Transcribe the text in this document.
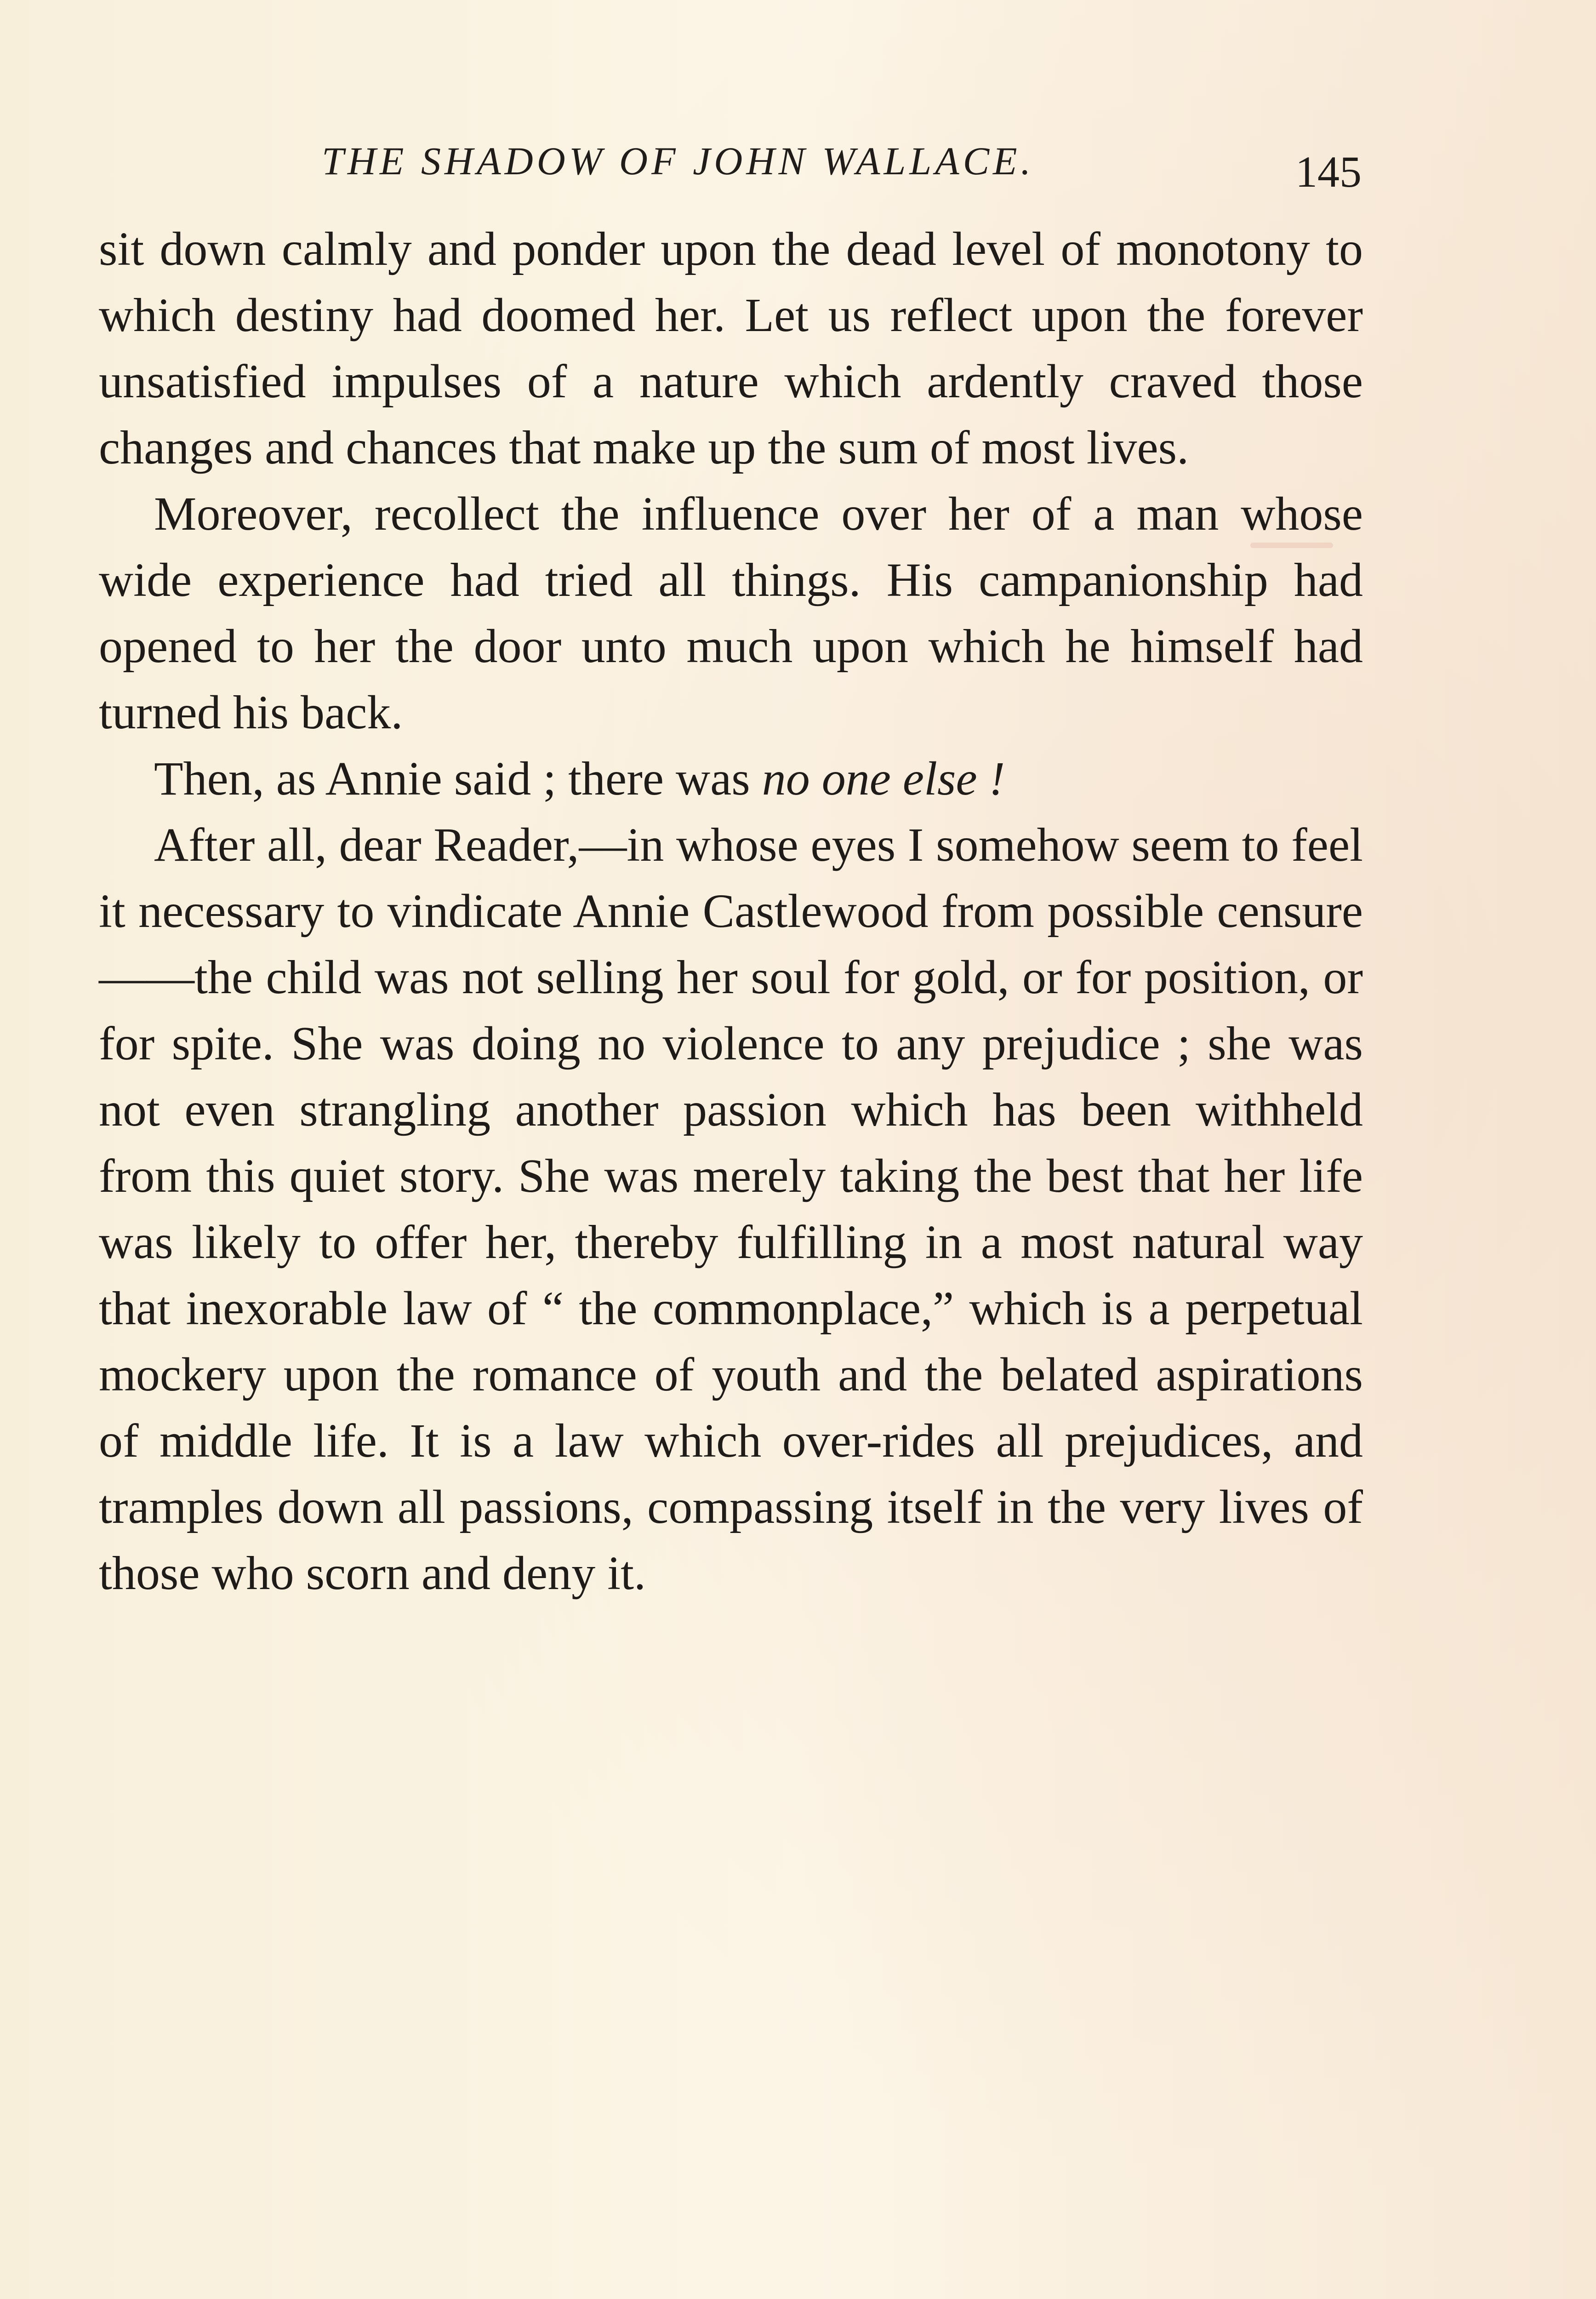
THE SHADOW OF JOHN WALLACE.	145

sit down calmly and ponder upon the dead level of monotony to which destiny had doomed her. Let us reflect upon the forever unsatisfied impulses of a nature which ardently craved those changes and chances that make up the sum of most lives.

Moreover, recollect the influence over her of a man whose wide experience had tried all things. His campanionship had opened to her the door unto much upon which he himself had turned his back.

Then, as Annie said ; there was no one else !

After all, dear Reader,—in whose eyes I somehow seem to feel it necessary to vindicate Annie Castlewood from possible censure——the child was not selling her soul for gold, or for position, or for spite. She was doing no violence to any prejudice ; she was not even strangling another passion which has been withheld from this quiet story. She was merely taking the best that her life was likely to offer her, thereby fulfilling in a most natural way that inexorable law of “ the commonplace,” which is a perpetual mockery upon the romance of youth and the belated aspirations of middle life. It is a law which over-rides all prejudices, and tramples down all passions, compassing itself in the very lives of those who scorn and deny it.
